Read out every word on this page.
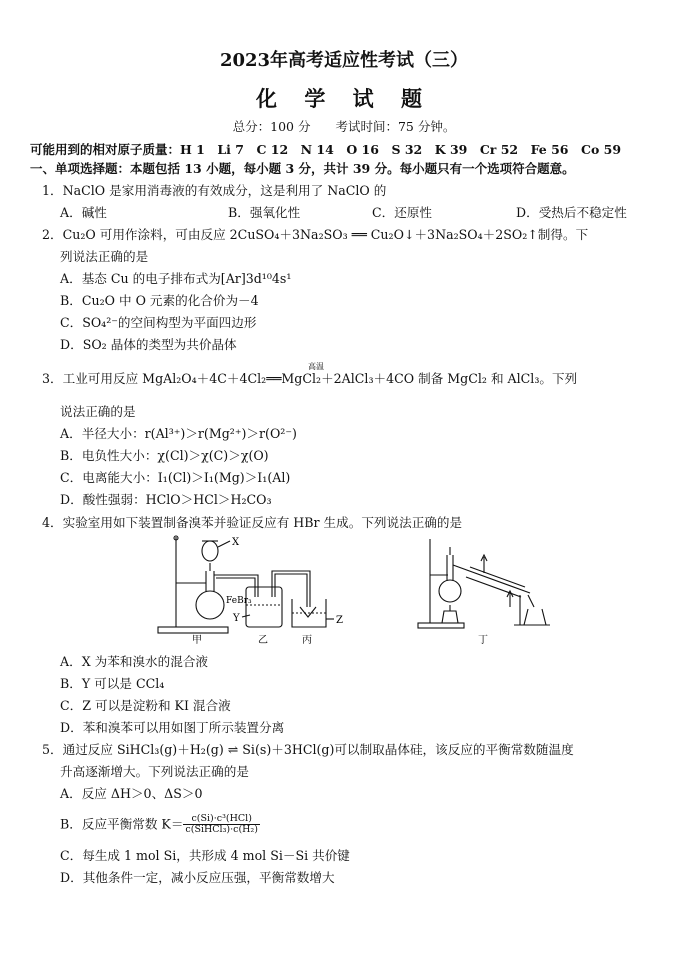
2023年高考适应性考试（三）
化 学 试 题
总分：100 分　　考试时间：75 分钟。
可能用到的相对原子质量：H 1　Li 7　C 12　N 14　O 16　S 32　K 39　Cr 52　Fe 56　Co 59
一、单项选择题：本题包括 13 小题，每小题 3 分，共计 39 分。每小题只有一个选项符合题意。
1．NaClO 是家用消毒液的有效成分，这是利用了 NaClO 的
A．碱性	B．强氧化性	C．还原性	D．受热后不稳定性
2．Cu₂O 可用作涂料，可由反应 2CuSO₄＋3Na₂SO₃ ══ Cu₂O↓＋3Na₂SO₄＋2SO₂↑制得。下
列说法正确的是
A．基态 Cu 的电子排布式为[Ar]3d¹⁰4s¹
B．Cu₂O 中 O 元素的化合价为－4
C．SO₄²⁻的空间构型为平面四边形
D．SO₂ 晶体的类型为共价晶体
高温
3．工业可用反应 MgAl₂O₄＋4C＋4Cl₂══MgCl₂＋2AlCl₃＋4CO 制备 MgCl₂ 和 AlCl₃。下列
说法正确的是
A．半径大小：r(Al³⁺)＞r(Mg²⁺)＞r(O²⁻)
B．电负性大小：χ(Cl)＞χ(C)＞χ(O)
C．电离能大小：I₁(Cl)＞I₁(Mg)＞I₁(Al)
D．酸性强弱：HClO＞HCl＞H₂CO₃
4．实验室用如下装置制备溴苯并验证反应有 HBr 生成。下列说法正确的是
X
FeBr₃
Y	Z
甲	乙	丙	丁
A．X 为苯和溴水的混合液
B．Y 可以是 CCl₄
C．Z 可以是淀粉和 KI 混合液
D．苯和溴苯可以用如图丁所示装置分离
5．通过反应 SiHCl₃(g)＋H₂(g) ⇌ Si(s)＋3HCl(g)可以制取晶体硅，该反应的平衡常数随温度
升高逐渐增大。下列说法正确的是
A．反应 ΔH＞0、ΔS＞0
B．反应平衡常数 $K= \frac{\text{c(Si)·c³(HCl)}}{\text{c(SiHCl₃)·c(H₂)}}$
C．每生成 1 mol Si，共形成 4 mol Si－Si 共价键
D．其他条件一定，减小反应压强，平衡常数增大
